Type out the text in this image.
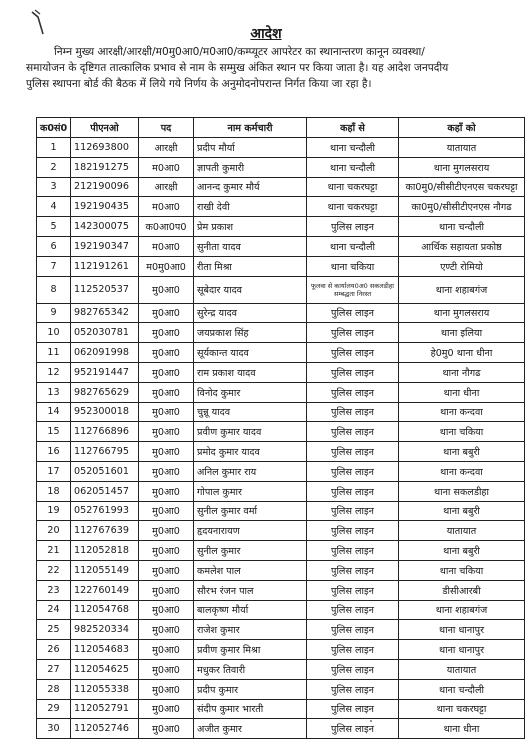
आदेश
निम्न मुख्य आरक्षी/आरक्षी/म0मु0आ0/म0आ0/कम्प्यूटर आपरेटर का स्थानान्तरण कानून व्यवस्था/
समायोजन के दृष्टिगत तात्कालिक प्रभाव से नाम के सम्मुख अंकित स्थान पर किया जाता है। यह आदेश जनपदीय
पुलिस स्थापना बोर्ड की बैठक में लिये गये निर्णय के अनुमोदनोपरान्त निर्गत किया जा रहा है।
क0सं0	पीएनओ	पद	नाम कर्मचारी	कहाँ से	कहाँ को
1	112693800	आरक्षी	प्रदीप मौर्या	थाना चन्दौली	यातायात
2	182191275	म0आ0	ज्ञापती कुमारी	थाना चन्दौली	थाना मुगलसराय
3	212190096	आरक्षी	आनन्द कुमार मौर्य	थाना चकरघट्टा	का0मु0/सीसीटीएनएस चकरघट्टा
4	192190435	म0आ0	राखी देवी	थाना चकरघट्टा	का0मु0/सीसीटीएनएस नौगढ
5	142300075	क0आ0प0	प्रेम प्रकाश	पुलिस लाइन	थाना चन्दौली
6	192190347	म0आ0	सुनीता यादव	थाना चन्दौली	आर्थिक सहायता प्रकोष्ठ
7	112191261	म0मु0आ0	रीता मिश्रा	थाना चकिया	एण्टी रोमियो
8	112520537	मु0आ0	सूबेदार यादव	फूलवा से कार्यालय0अ0 सकलडीहा सम्बद्धता निरस्त	थाना शहाबगंज
9	982765342	मु0आ0	सुरेन्द्र यादव	पुलिस लाइन	थाना मुगलसराय
10	052030781	मु0आ0	जयप्रकाश सिंह	पुलिस लाइन	थाना इलिया
11	062091998	मु0आ0	सूर्यकान्त यादव	पुलिस लाइन	हे0मु0 थाना धीना
12	952191447	मु0आ0	राम प्रकाश यादव	पुलिस लाइन	थाना नौगढ
13	982765629	मु0आ0	विनोद कुमार	पुलिस लाइन	थाना धीना
14	952300018	मु0आ0	चुन्नू यादव	पुलिस लाइन	थाना कन्दवा
15	112766896	मु0आ0	प्रवीण कुमार यादव	पुलिस लाइन	थाना चकिया
16	112766795	मु0आ0	प्रमोद कुमार यादव	पुलिस लाइन	थाना बबुरी
17	052051601	मु0आ0	अनिल कुमार राय	पुलिस लाइन	थाना कन्दवा
18	062051457	मु0आ0	गोपाल कुमार	पुलिस लाइन	थाना सकलडीहा
19	052761993	मु0आ0	सुनील कुमार वर्मा	पुलिस लाइन	थाना बबुरी
20	112767639	मु0आ0	हृदयनारायण	पुलिस लाइन	यातायात
21	112052818	मु0आ0	सुनील कुमार	पुलिस लाइन	थाना बबुरी
22	112055149	मु0आ0	कमलेश पाल	पुलिस लाइन	थाना चकिया
23	122760149	मु0आ0	सौरभ रंजन पाल	पुलिस लाइन	डीसीआरबी
24	112054768	मु0आ0	बालकृष्ण मौर्या	पुलिस लाइन	थाना शहाबगंज
25	982520334	मु0आ0	राजेश कुमार	पुलिस लाइन	थाना धानापुर
26	112054683	मु0आ0	प्रवीण कुमार मिश्रा	पुलिस लाइन	थाना धानापुर
27	112054625	मु0आ0	मधुकर तिवारी	पुलिस लाइन	यातायात
28	112055338	मु0आ0	प्रदीप कुमार	पुलिस लाइन	थाना चन्दौली
29	112052791	मु0आ0	संदीप कुमार भारती	पुलिस लाइन	थाना चकरघट्टा
30	112052746	मु0आ0	अजीत कुमार	पुलिस लाइन	थाना धीना
